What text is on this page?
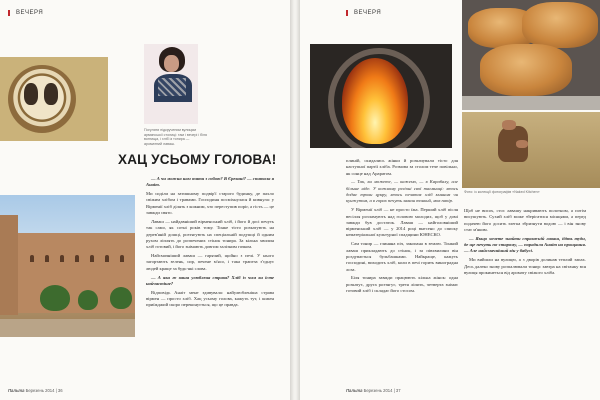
ВЕЧЕРЯ
Погуляти підкрученим вулицям армянської столиці: там і вечері і біля вогнища, і хліб із тонира — ароматний лаваш.
ХАЦ УСЬОМУ ГОЛОВА!

— А чи можна нам взяти з собою? В Єревані? — спитала я Анаіт.

Ми сиділи на затишному подвір'ї старого будинку, де пахло свіжим хлібом і травами. Господиня посміхнулася й кивнула: у Вірменії хліб ділять з кожним, хто переступив поріг, а гість — це завжди свято.

Лаваш — найдавніший вірменський хліб, і його й досі печуть так само, як сотні років тому. Тонке тісто розкатують на дерев'яній дошці, розтягують на спеціальній подушці й одним рухом ліплять до розпечених стінок тонира. За кілька хвилин хліб готовий, і його знімають довгим залізним гачком.

Найсмачніший лаваш — гарячий, щойно з печі. У нього загортають зелень, сир, печене м'ясо, і така трапеза з'єднує людей краще за будь-які слова.

— А яка ж ваша улюблена страва? Хліб із чим ви їсте найчастіше?

Відповідь Анаіт мене здивувала: найулюбленіша страва вірмен — просто хліб. Хац усьому голова, кажуть тут, і кожен приїжджий скоро переконується, що це правда.

Пальта Березень 2014 | 36
ВЕЧЕРЯ
Фото: із колекції фотографів «Naked Kitchen»

плиній, скидались жінки й розкачували тісто для наступної партії хліба. Розмова за столом тече повільно, як сонце над Араратом.

— Так, ви можете, — кажемо, — в Карабаху, але більше ніде. У кожному регіоні свої таємниці: хтось додає трохи цукру, хтось печатає хліб кмином чи кунжутом, а в горах печуть лаваш тонкий, мов папір.

У Вірменії хліб — не просто їжа. Перший хліб після весілля розламують над головою молодих, щоб у домі завжди був достаток. Лаваш — найголовніший вірменський хліб — у 2014 році внесено до списку нематеріальної культурної спадщини ЮНЕСКО.

Сам тонир — глиняна піч, закопана в землю. Тонкий лаваш прикладають до стінок, і за півхвилини він роздувається бульбашками. Найкраще, кажуть господині, виходить хліб, коли в печі горить виноградна лоза.

Біля тонира завжди працюють кілька жінок: одна розкатує, друга розтягує, третя ліпить, четверта знімає готовий хліб і складає його стосом.

Щоб не висох, стос лавашу накривають полотном, а потім висушують. Сухий хліб може зберігатися місяцями, а перед подачею його досить злегка збризнути водою — і він знову стає м'яким.

— Якщо хочете знайти справжній лаваш, ідіть туди, де ще печуть по-старому, — порадила Анаіт на прощання. — Але найсмачніший він у бабусі.

Ми вийшли на вулицю, а з дворів долинав теплий запах. Десь далеко знову розпалювали тонир: завтра на світанку вся вулиця прокинеться від аромату свіжого хліба.

Пальта Березень 2014 | 37
